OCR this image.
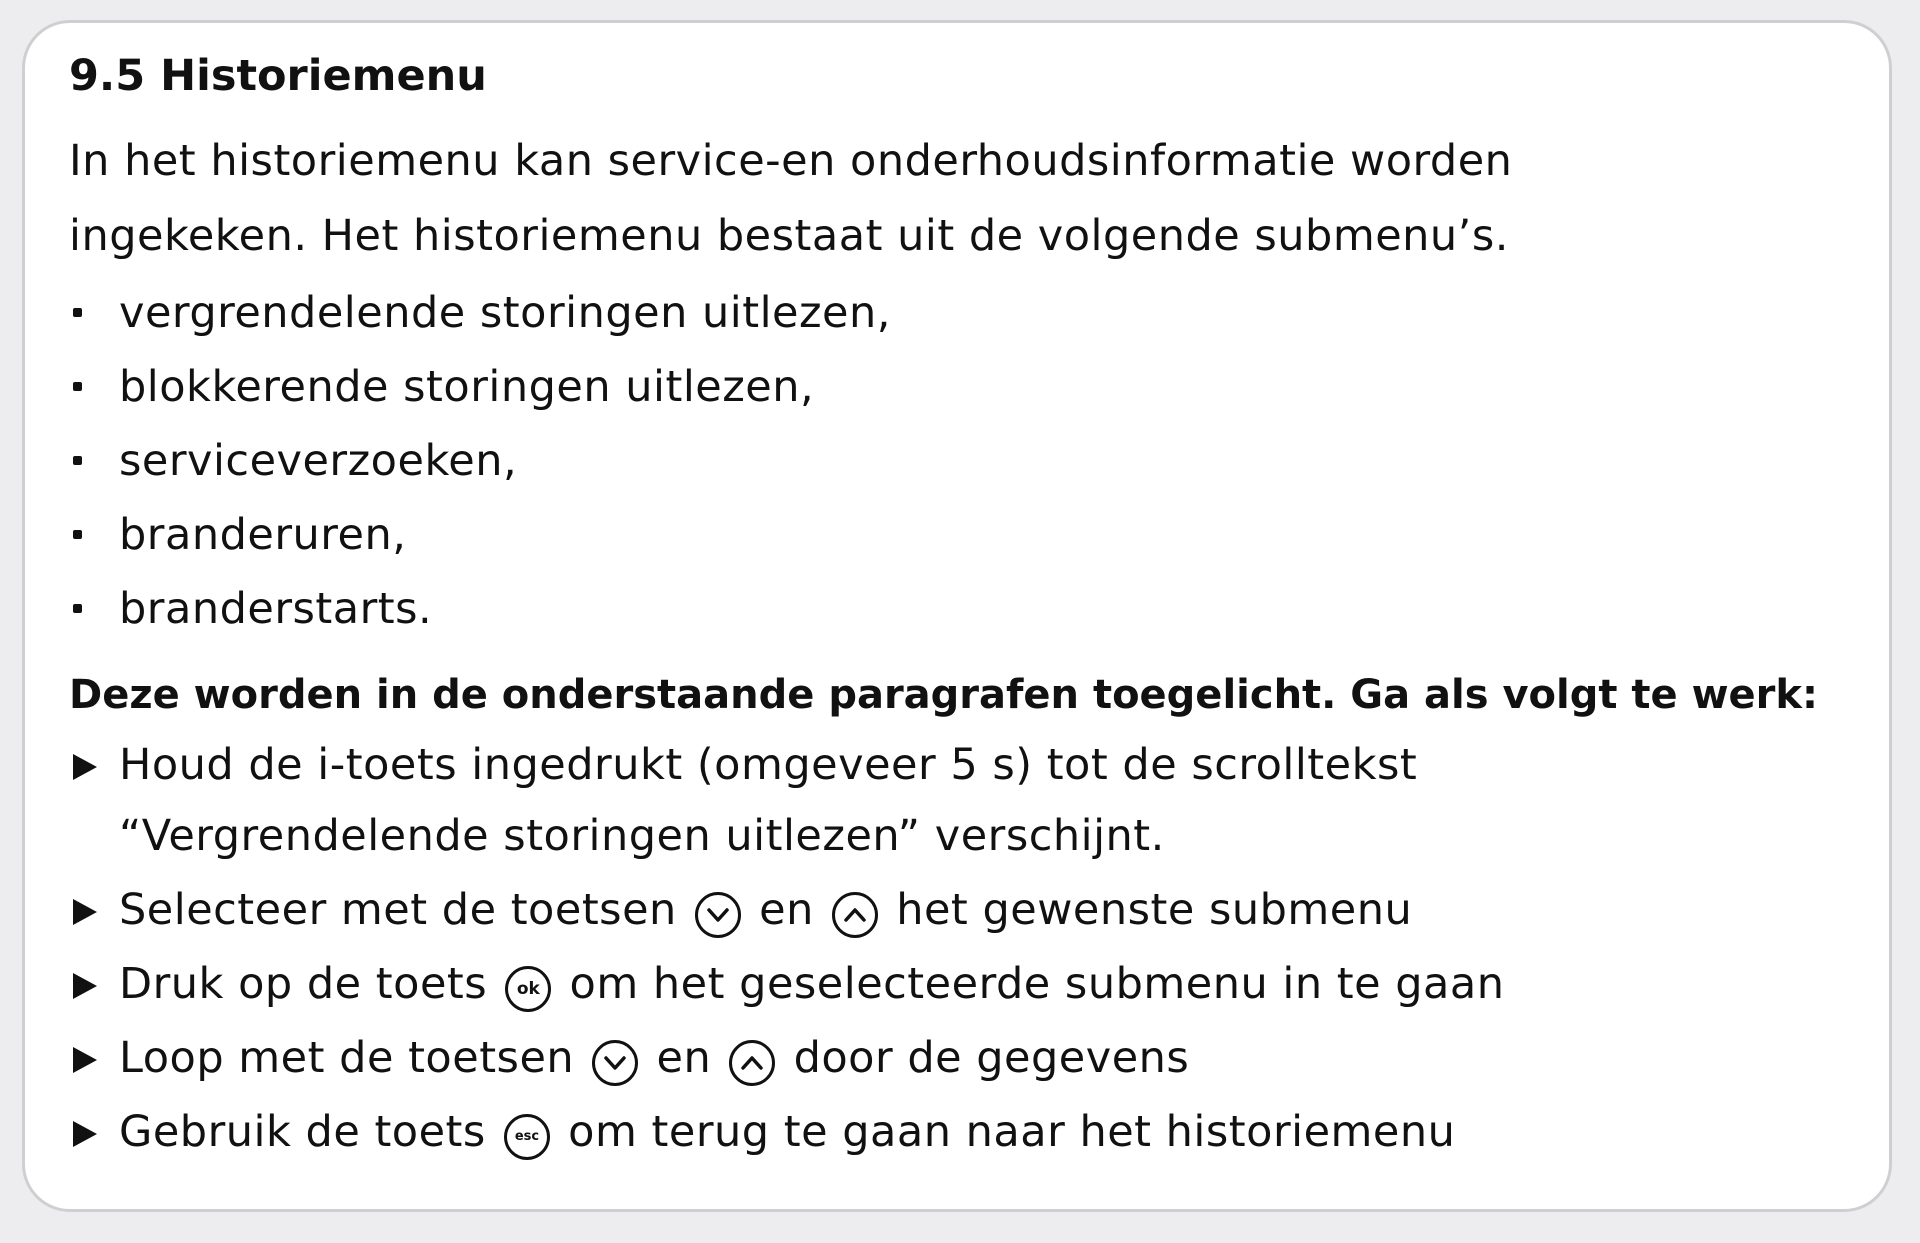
9.5 Historiemenu

In het historiemenu kan service-en onderhoudsinformatie worden
ingekeken. Het historiemenu bestaat uit de volgende submenu’s.

vergrendelende storingen uitlezen,
blokkerende storingen uitlezen,
serviceverzoeken,
branderuren,
branderstarts.

Deze worden in de onderstaande paragrafen toegelicht. Ga als volgt te werk:

Houd de i-toets ingedrukt (omgeveer 5 s) tot de scrolltekst
“Vergrendelende storingen uitlezen” verschijnt.
Selecteer met de toetsen en het gewenste submenu
Druk op de toets	ok om het geselecteerde submenu in te gaan
Loop met de toetsen en door de gegevens
Gebruik de toets	esc om terug te gaan naar het historiemenu
